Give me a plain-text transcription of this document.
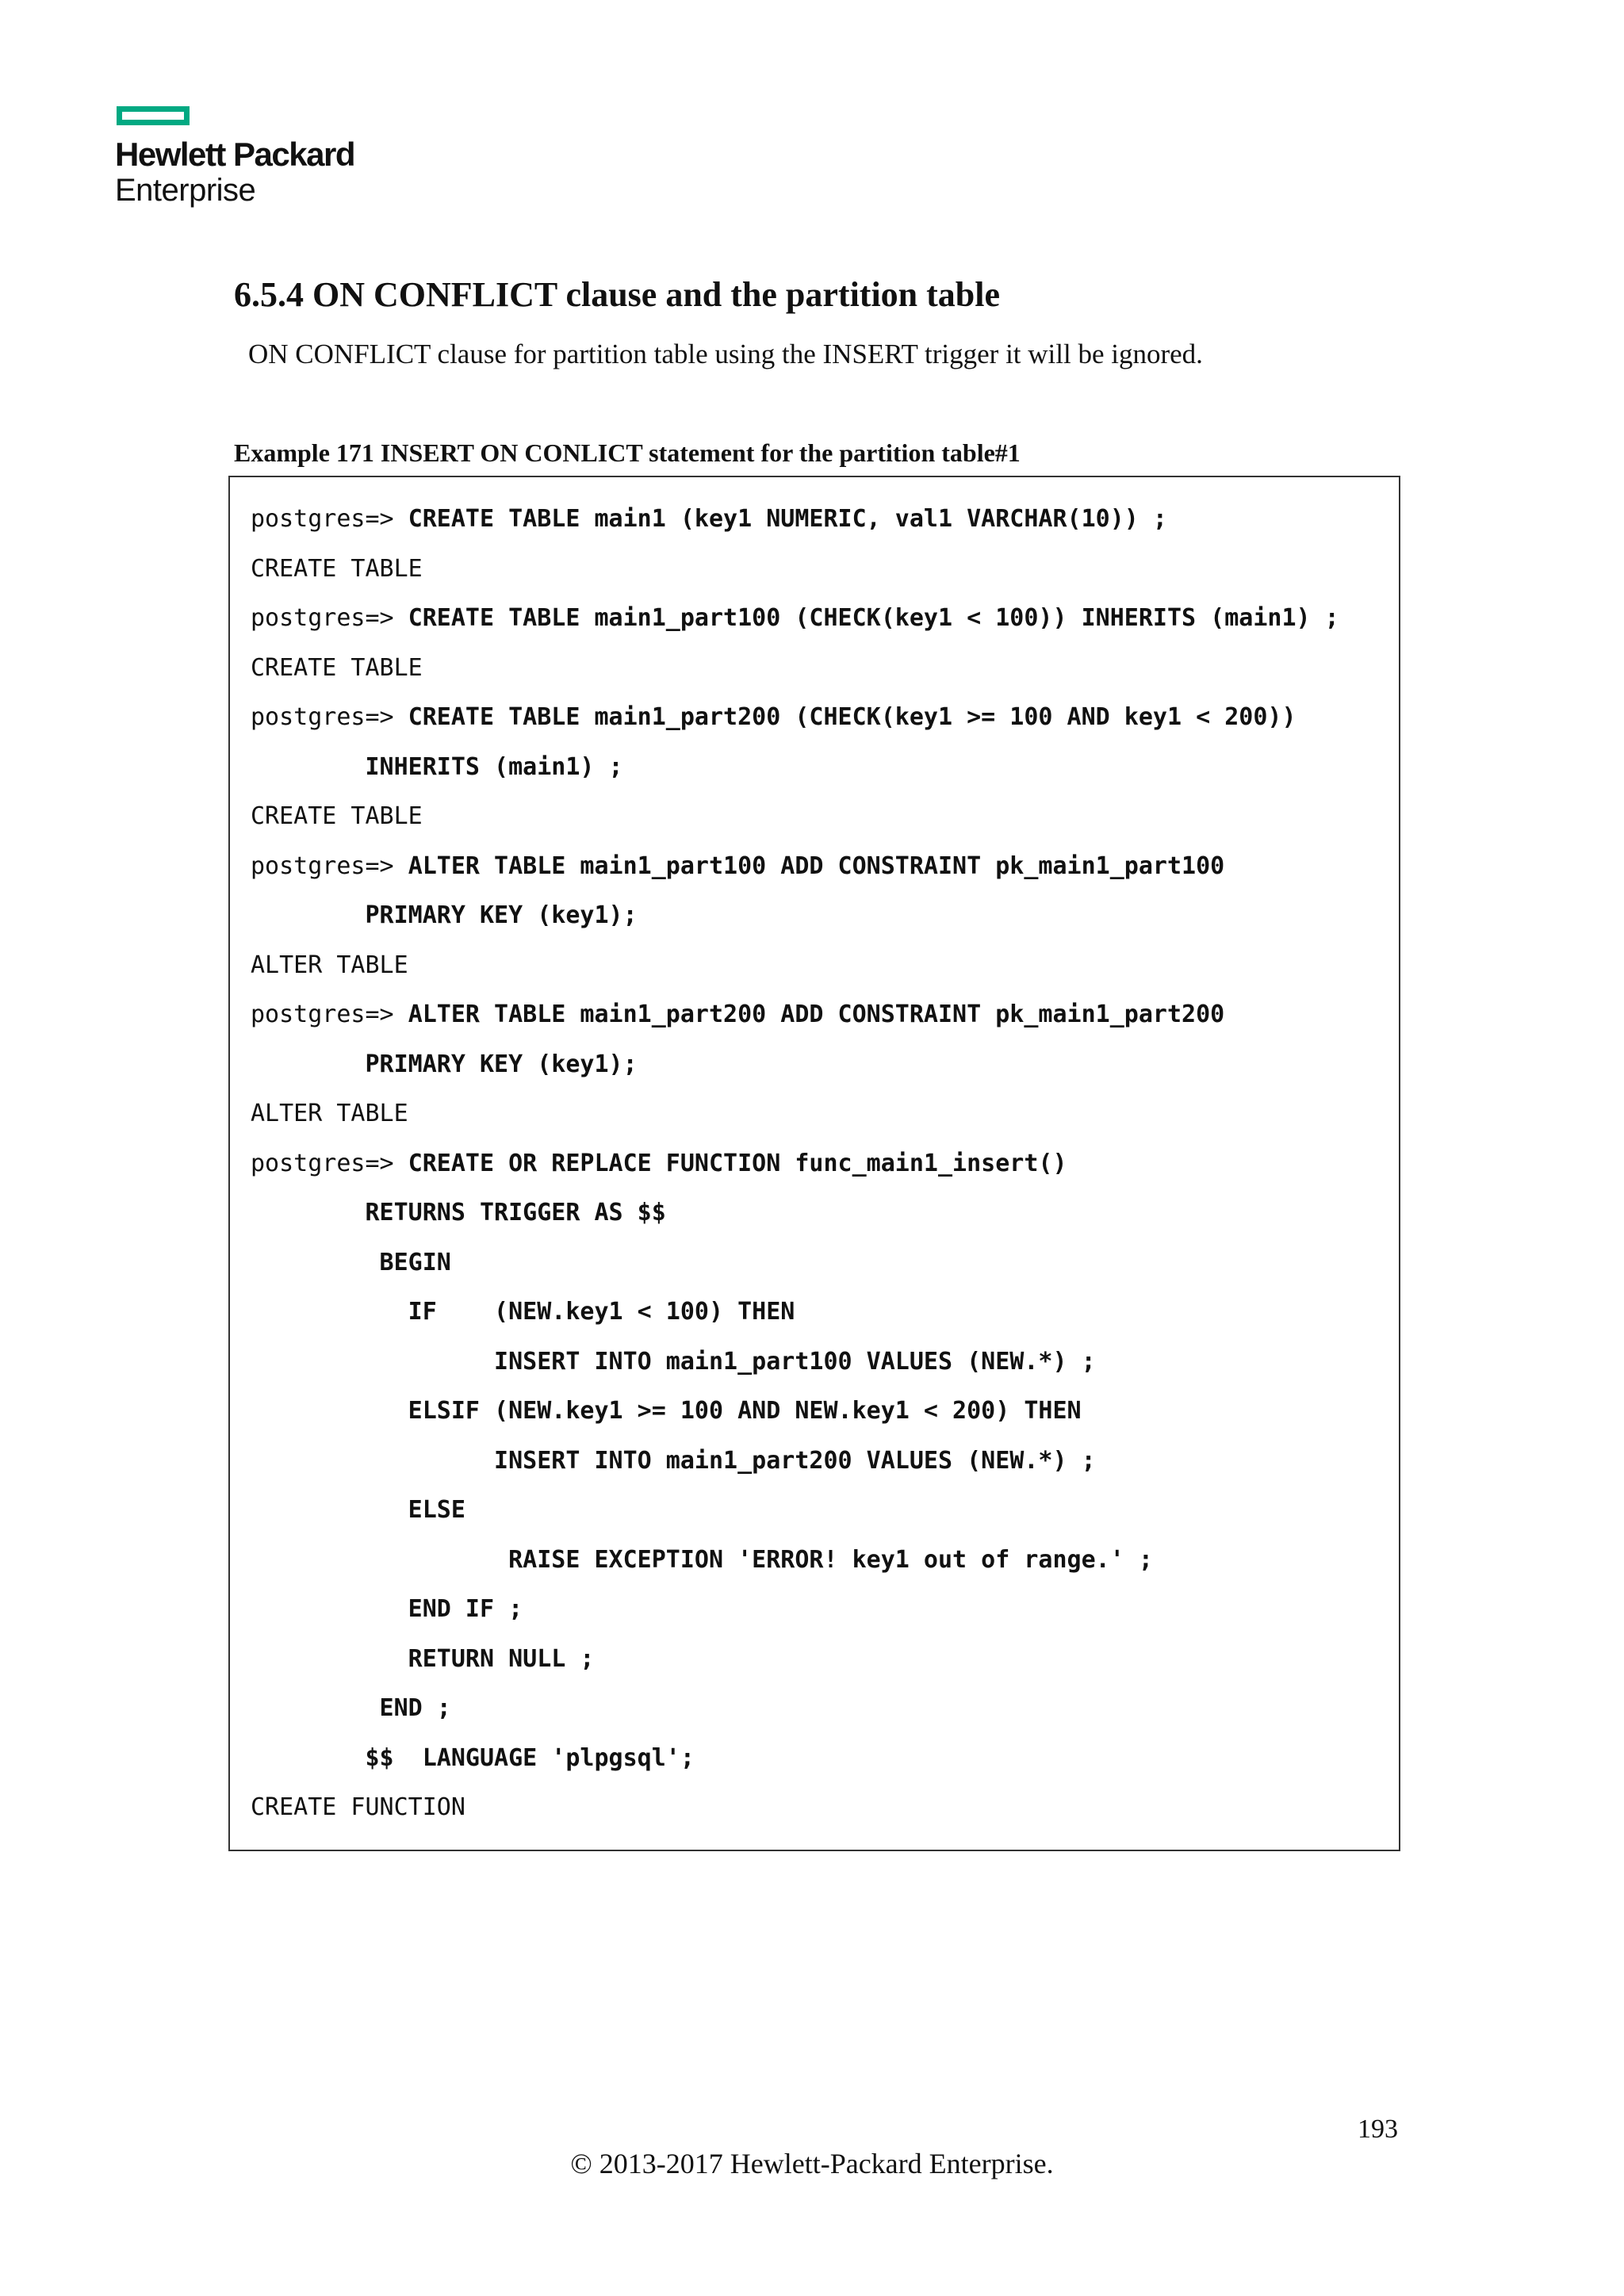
Hewlett Packard
Enterprise
6.5.4 ON CONFLICT clause and the partition table

ON CONFLICT clause for partition table using the INSERT trigger it will be ignored.

Example 171 INSERT ON CONLICT statement for the partition table#1

postgres=> CREATE TABLE main1 (key1 NUMERIC, val1 VARCHAR(10)) ;
CREATE TABLE
postgres=> CREATE TABLE main1_part100 (CHECK(key1 < 100)) INHERITS (main1) ;
CREATE TABLE
postgres=> CREATE TABLE main1_part200 (CHECK(key1 >= 100 AND key1 < 200))
INHERITS (main1) ;
CREATE TABLE
postgres=> ALTER TABLE main1_part100 ADD CONSTRAINT pk_main1_part100
PRIMARY KEY (key1);
ALTER TABLE
postgres=> ALTER TABLE main1_part200 ADD CONSTRAINT pk_main1_part200
PRIMARY KEY (key1);
ALTER TABLE
postgres=> CREATE OR REPLACE FUNCTION func_main1_insert()
RETURNS TRIGGER AS $$
BEGIN
IF    (NEW.key1 < 100) THEN
INSERT INTO main1_part100 VALUES (NEW.*) ;
ELSIF (NEW.key1 >= 100 AND NEW.key1 < 200) THEN
INSERT INTO main1_part200 VALUES (NEW.*) ;
ELSE
RAISE EXCEPTION 'ERROR! key1 out of range.' ;
END IF ;
RETURN NULL ;
END ;
$$  LANGUAGE 'plpgsql';
CREATE FUNCTION
193
© 2013-2017 Hewlett-Packard Enterprise.
